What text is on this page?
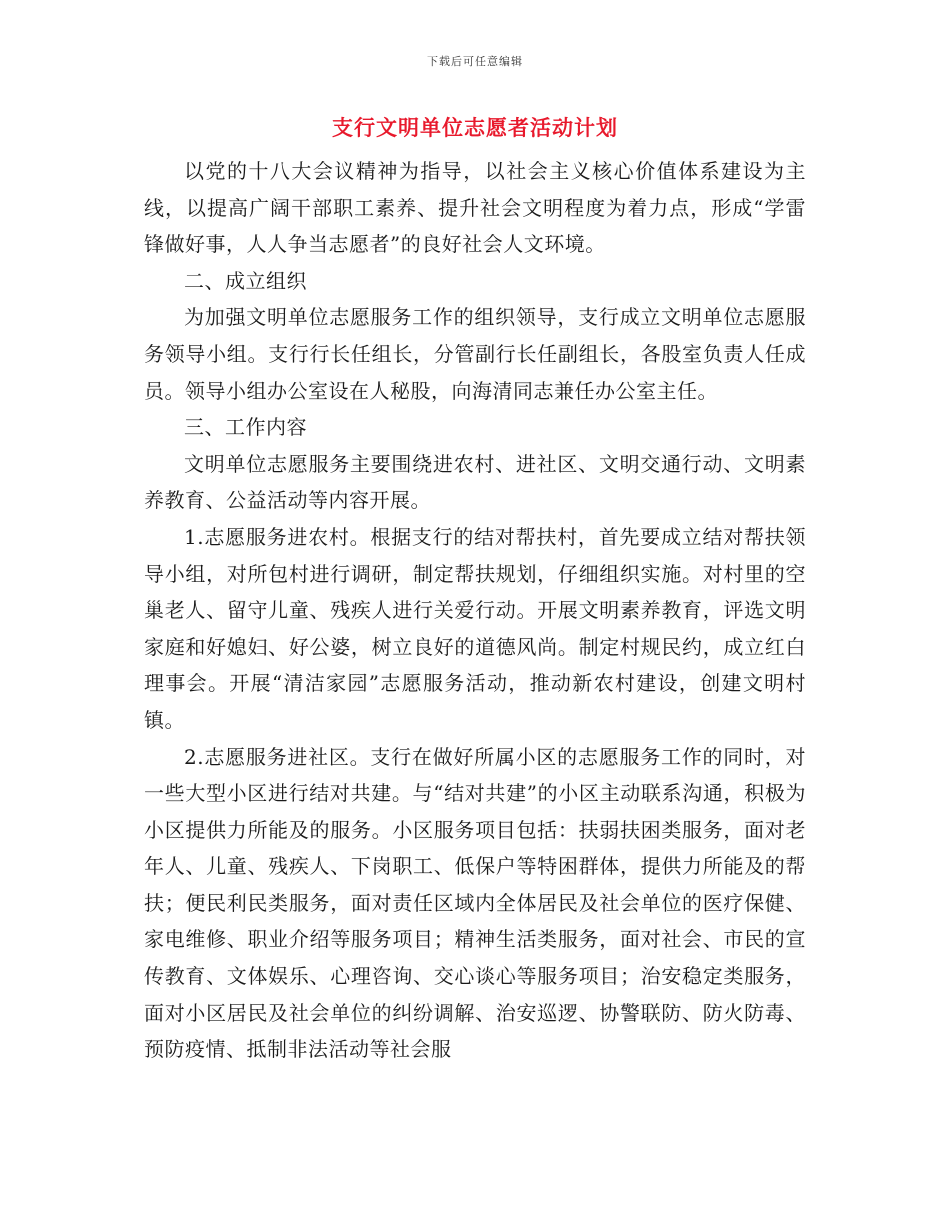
下载后可任意编辑
支行文明单位志愿者活动计划

以党的十八大会议精神为指导，以社会主义核心价值体系建设为主线，以提高广阔干部职工素养、提升社会文明程度为着力点，形成“学雷锋做好事，人人争当志愿者”的良好社会人文环境。

二、成立组织

为加强文明单位志愿服务工作的组织领导，支行成立文明单位志愿服务领导小组。支行行长任组长，分管副行长任副组长，各股室负责人任成员。领导小组办公室设在人秘股，向海清同志兼任办公室主任。

三、工作内容

文明单位志愿服务主要围绕进农村、进社区、文明交通行动、文明素养教育、公益活动等内容开展。

1.志愿服务进农村。根据支行的结对帮扶村，首先要成立结对帮扶领导小组，对所包村进行调研，制定帮扶规划，仔细组织实施。对村里的空巢老人、留守儿童、残疾人进行关爱行动。开展文明素养教育，评选文明家庭和好媳妇、好公婆，树立良好的道德风尚。制定村规民约，成立红白理事会。开展“清洁家园”志愿服务活动，推动新农村建设，创建文明村镇。

2.志愿服务进社区。支行在做好所属小区的志愿服务工作的同时，对一些大型小区进行结对共建。与“结对共建”的小区主动联系沟通，积极为小区提供力所能及的服务。小区服务项目包括：扶弱扶困类服务，面对老年人、儿童、残疾人、下岗职工、低保户等特困群体，提供力所能及的帮扶；便民利民类服务，面对责任区域内全体居民及社会单位的医疗保健、家电维修、职业介绍等服务项目；精神生活类服务，面对社会、市民的宣传教育、文体娱乐、心理咨询、交心谈心等服务项目；治安稳定类服务，面对小区居民及社会单位的纠纷调解、治安巡逻、协警联防、防火防毒、预防疫情、抵制非法活动等社会服
